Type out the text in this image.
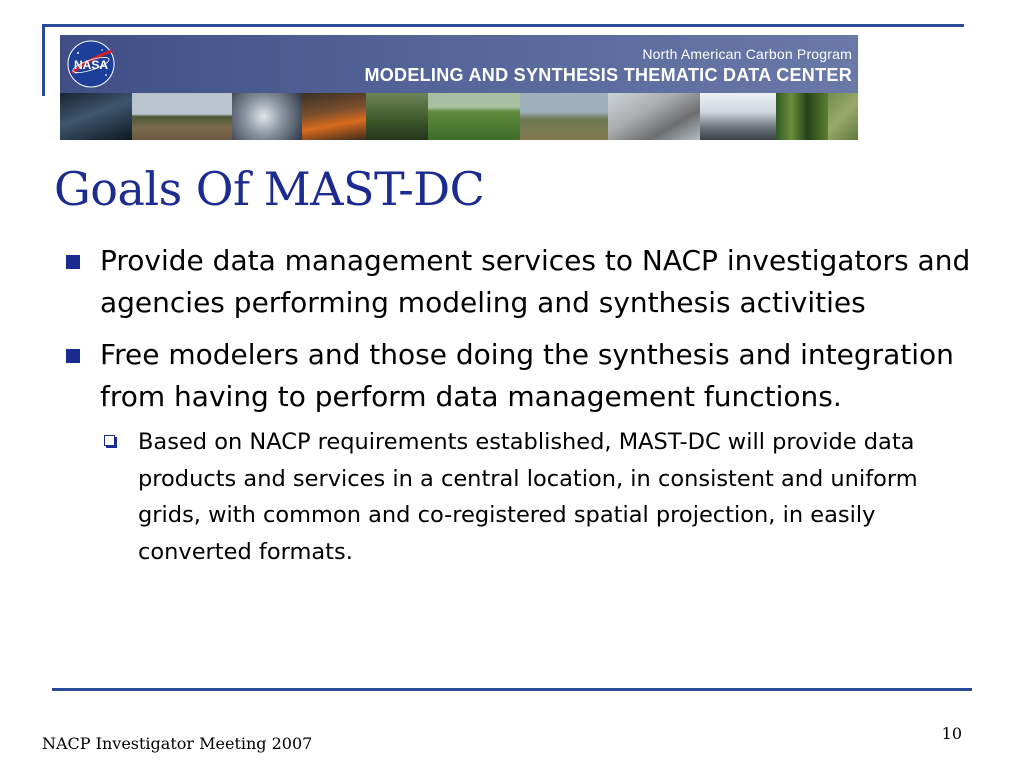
NASA
North American Carbon Program
MODELING AND SYNTHESIS THEMATIC DATA CENTER
Goals Of MAST-DC
Provide data management services to NACP investigators and agencies performing modeling and synthesis activities
Free modelers and those doing the synthesis and integration from having to perform data management functions.
Based on NACP requirements established, MAST-DC will provide data products and services in a central location, in consistent and uniform grids, with common and co-registered spatial projection, in easily converted formats.
NACP Investigator Meeting 2007
10
